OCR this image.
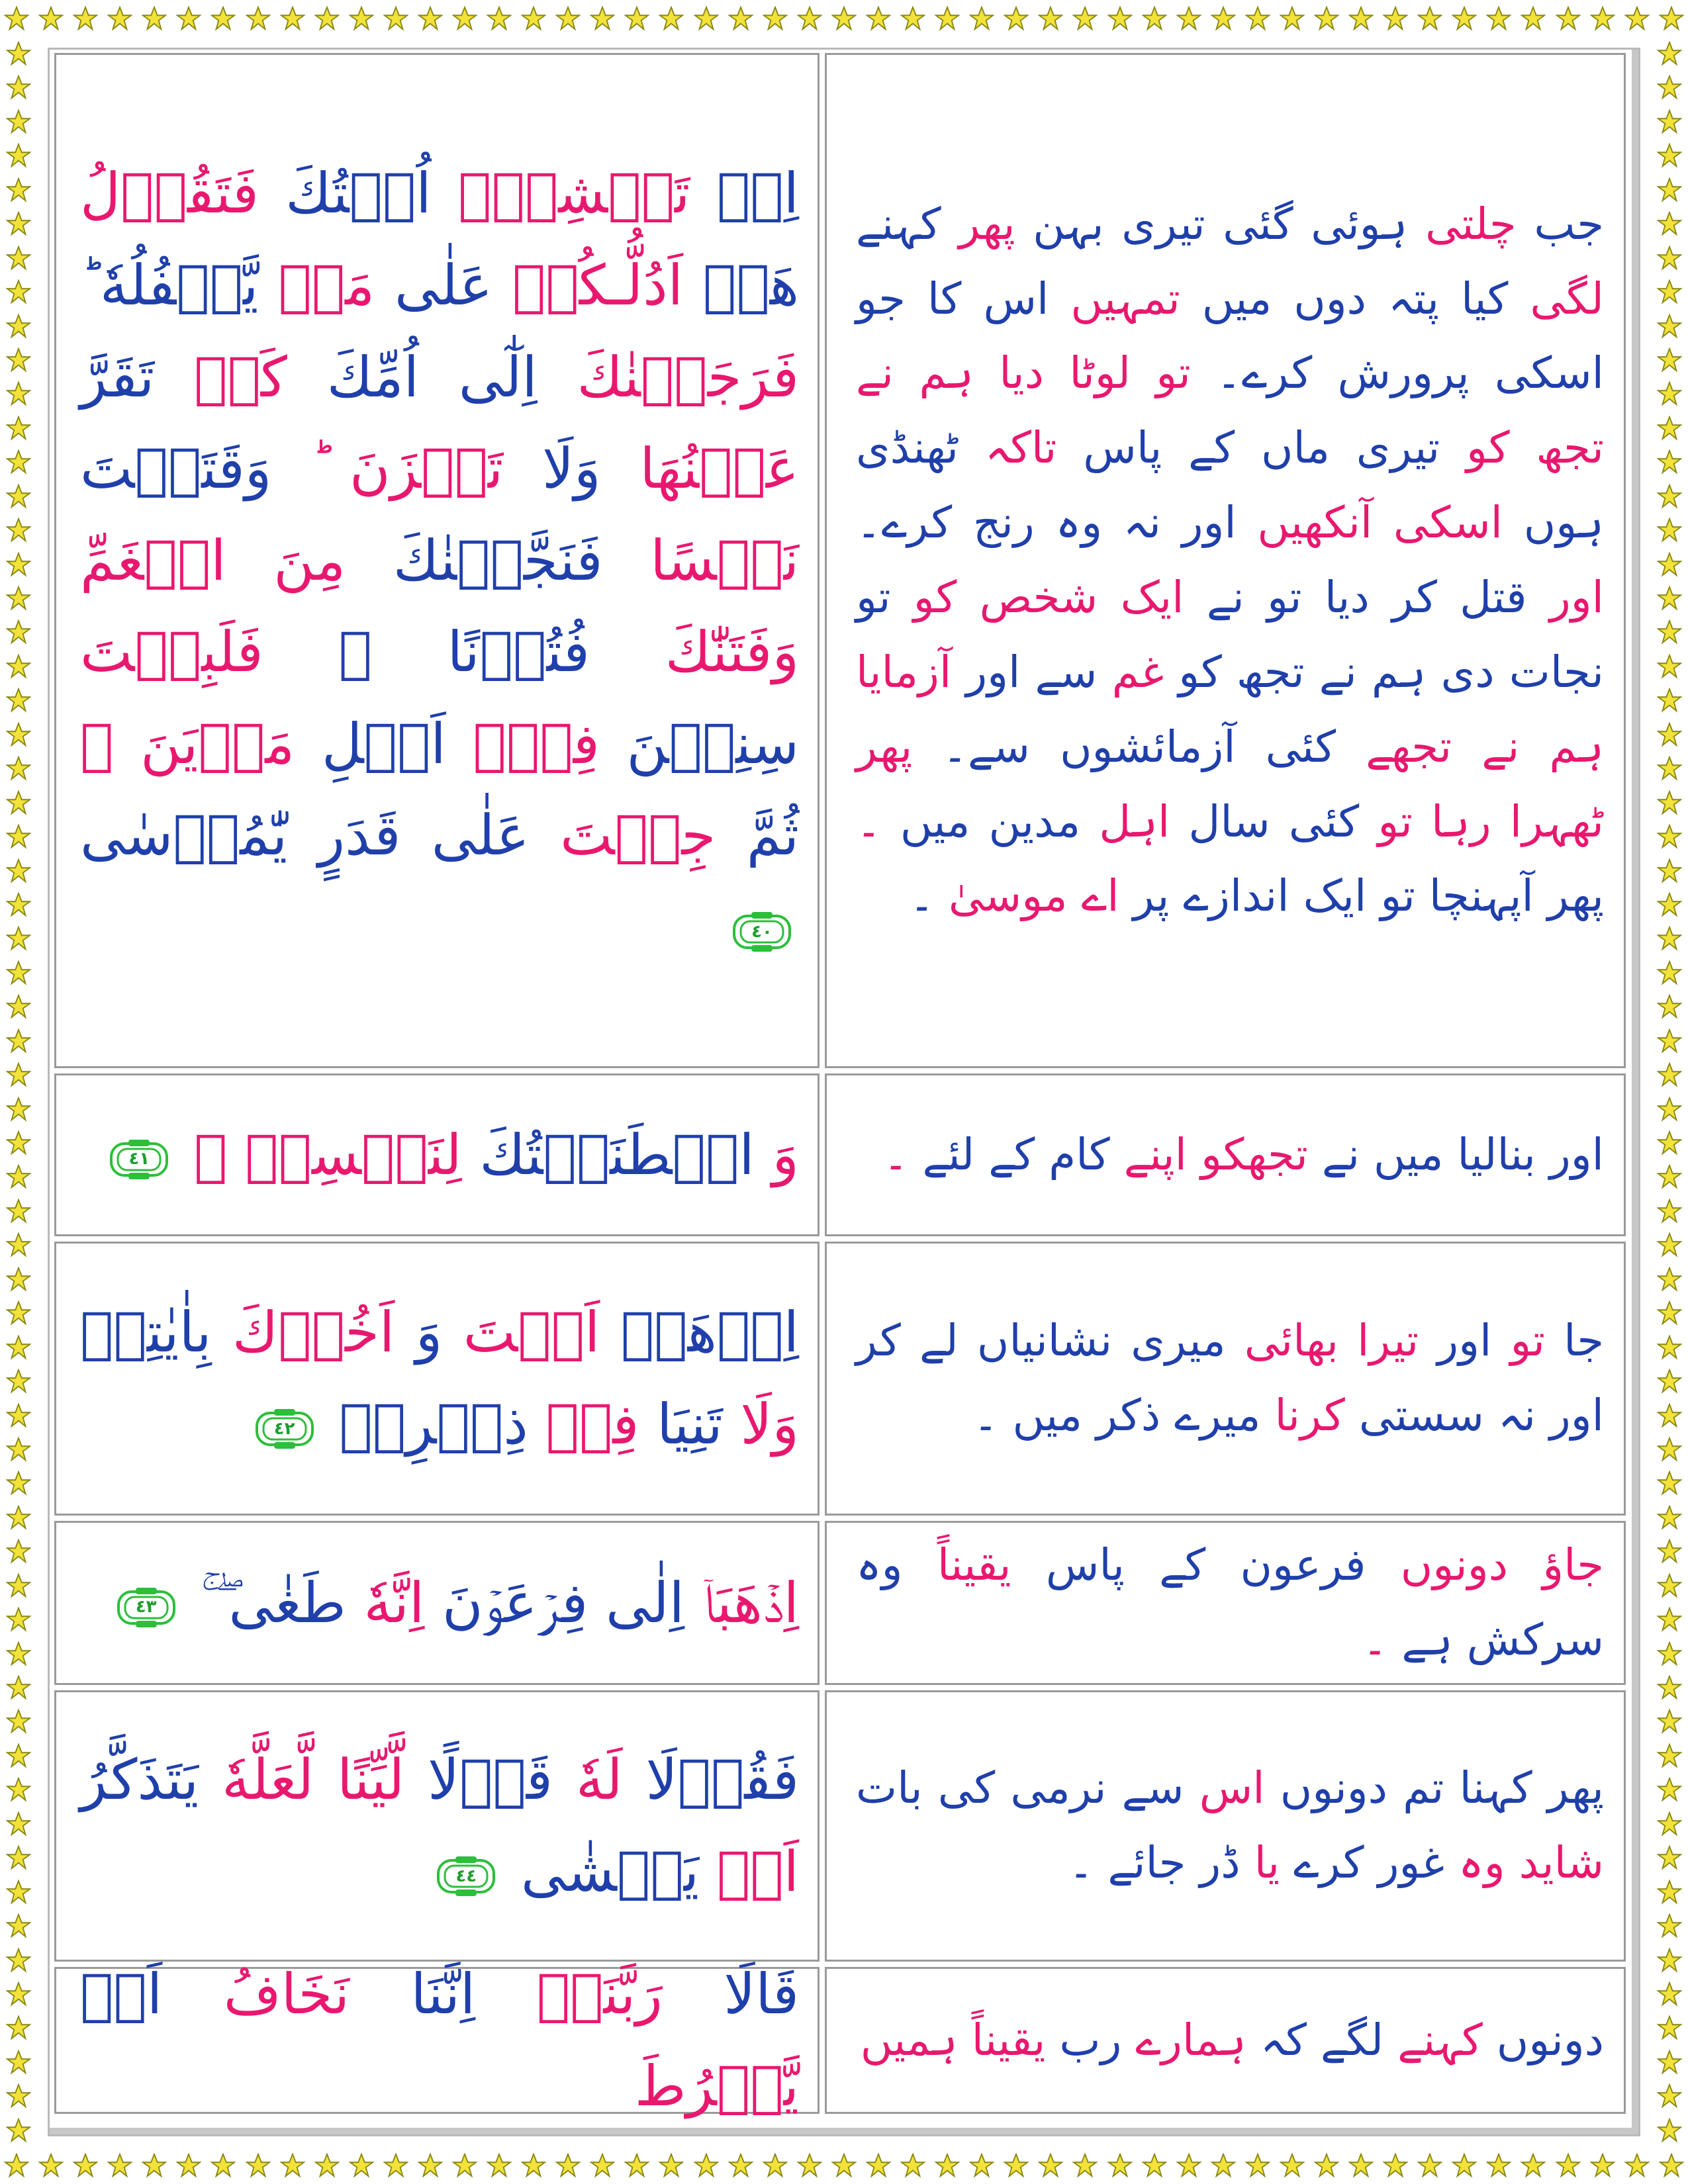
اِذۡ تَمۡشِيۡۤ اُخۡتُكَ فَتَقُوۡلُ هَلۡ اَدُلُّـكُمۡ عَلٰى مَنۡ يَّكۡفُلُهٗ ؕ فَرَجَعۡنٰكَ اِلٰٓى اُمِّكَ كَىۡ تَقَرَّ عَيۡنُهَا وَلَا تَحۡزَنَ ؕ وَقَتَلۡتَ نَفۡسًا فَنَجَّيۡنٰكَ مِنَ الۡغَمِّ وَفَتَنّٰكَ فُتُوۡنًا ۙ فَلَبِثۡتَ سِنِيۡنَ فِىۡۤ اَهۡلِ مَدۡيَنَ ۙ ثُمَّ جِئۡتَ عَلٰى قَدَرٍ يّٰمُوۡسٰى
٤٠
جب چلتی ہوئی گئی تیری بہن پھر کہنے لگی کیا پتہ دوں میں تمہیں اس کا جو اسکی پرورش کرے۔ تو لوٹا دیا ہم نے تجھ کو تیری ماں کے پاس تاکہ ٹھنڈی ہوں اسکی آنکھیں اور نہ وہ رنج کرے۔ اور قتل کر دیا تو نے ایک شخص کو تو نجات دی ہم نے تجھ کو غم سے اور آزمایا ہم نے تجھے کئی آزمائشوں سے۔ پھر ٹھہرا رہا تو کئی سال اہل مدین میں ۔ پھر آپہنچا تو ایک اندازے پر اے موسیٰ ۔
وَ اصۡطَنَعۡتُكَ لِنَفۡسِىۡ ۚ
٤١	اور بنالیا میں نے تجھکو اپنے کام کے لئے ۔
اِذۡهَبۡ اَنۡتَ وَ اَخُوۡكَ بِاٰيٰتِىۡ وَلَا تَنِيَا فِىۡ ذِكۡرِىۡ
٤٢
جا تو اور تیرا بھائی میری نشانیاں لے کر اور نہ سستی کرنا میرے ذکر میں ۔
اِذۡهَبَاۤ اِلٰى فِرۡعَوۡنَ اِنَّهٗ طَغٰى ۖ ۚ
٤٣
جاؤ دونوں فرعون کے پاس یقیناً وہ سرکش ہے ۔
فَقُوۡلَا لَهٗ قَوۡلًا لَّيِّنًا لَّعَلَّهٗ يَتَذَكَّرُ اَوۡ يَخۡشٰى
٤٤
پھر کہنا تم دونوں اس سے نرمی کی بات شاید وہ غور کرے یا ڈر جائے ۔
قَالَا رَبَّنَاۤ اِنَّنَا نَخَافُ اَنۡ يَّفۡرُطَ
دونوں کہنے لگے کہ ہمارے رب یقیناً ہمیں
